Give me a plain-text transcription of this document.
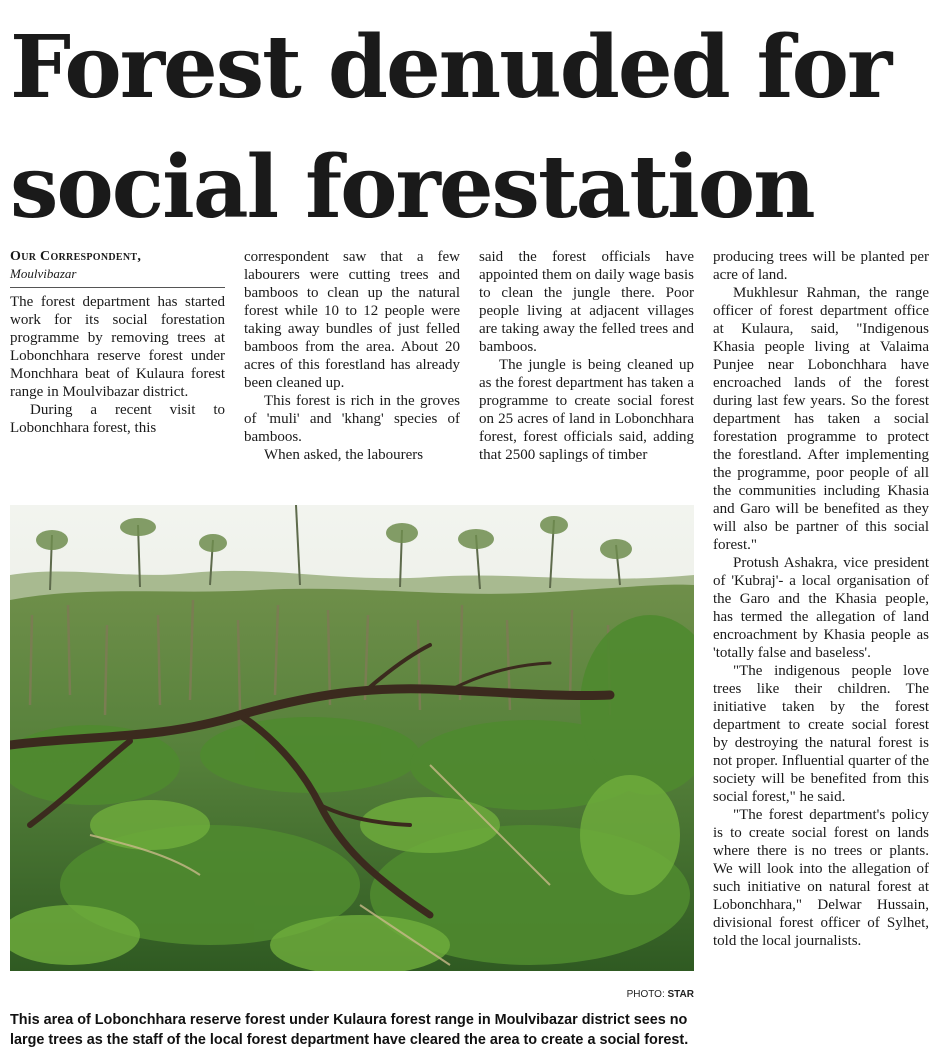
Forest denuded for
social forestation
Our Correspondent,
Moulvibazar

The forest department has started work for its social forestation programme by removing trees at Lobonchhara reserve forest under Monchhara beat of Kulaura forest range in Moulvibazar district.

During a recent visit to Lobonchhara forest, this

correspondent saw that a few labourers were cutting trees and bamboos to clean up the natural forest while 10 to 12 people were taking away bundles of just felled bamboos from the area. About 20 acres of this forestland has already been cleaned up.

This forest is rich in the groves of 'muli' and 'khang' species of bamboos.

When asked, the labourers

said the forest officials have appointed them on daily wage basis to clean the jungle there. Poor people living at adjacent villages are taking away the felled trees and bamboos.

The jungle is being cleaned up as the forest department has taken a programme to create social forest on 25 acres of land in Lobonchhara forest, forest officials said, adding that 2500 saplings of timber

producing trees will be planted per acre of land.

Mukhlesur Rahman, the range officer of forest department office at Kulaura, said, "Indigenous Khasia people living at Valaima Punjee near Lobonchhara have encroached lands of the forest during last few years. So the forest department has taken a social forestation programme to protect the forestland. After implementing the programme, poor people of all the communities including Khasia and Garo will be benefited as they will also be partner of this social forest."

Protush Ashakra, vice president of 'Kubraj'- a local organisation of the Garo and the Khasia people, has termed the allegation of land encroachment by Khasia people as 'totally false and baseless'.

"The indigenous people love trees like their children. The initiative taken by the forest department to create social forest by destroying the natural forest is not proper. Influential quarter of the society will be benefited from this social forest," he said.

"The forest department's policy is to create social forest on lands where there is no trees or plants. We will look into the allegation of such initiative on natural forest at Lobonchhara," Delwar Hussain, divisional forest officer of Sylhet, told the local journalists.

PHOTO: STAR
This area of Lobonchhara reserve forest under Kulaura forest range in Moulvibazar district sees no large trees as the staff of the local forest department have cleared the area to create a social forest.
